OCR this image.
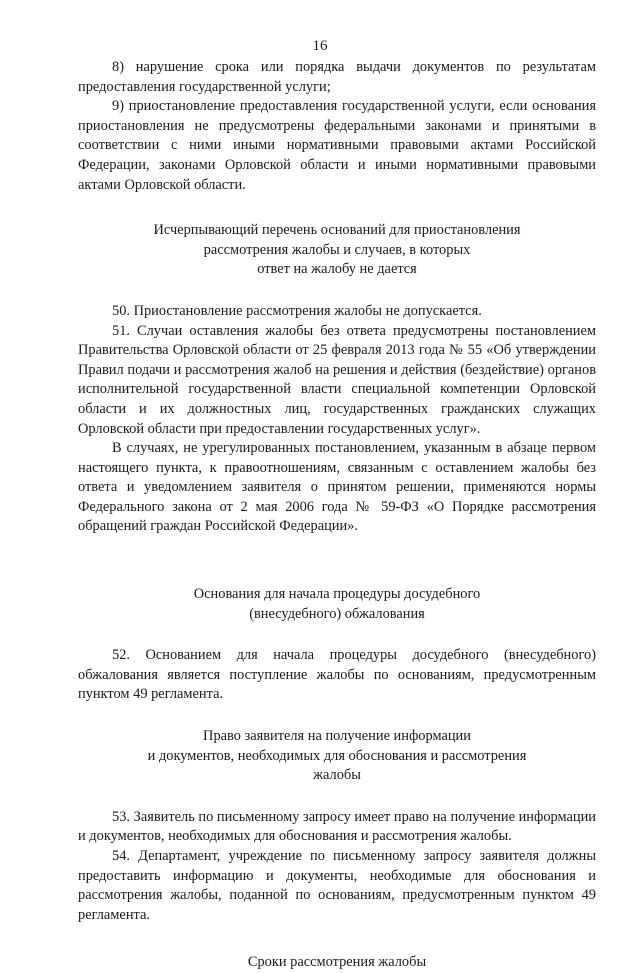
16

8) нарушение срока или порядка выдачи документов по результатам предоставления государственной услуги;

9) приостановление предоставления государственной услуги, если основания приостановления не предусмотрены федеральными законами и принятыми в соответствии с ними иными нормативными правовыми актами Российской Федерации, законами Орловской области и иными нормативными правовыми актами Орловской области.

Исчерпывающий перечень оснований для приостановления
рассмотрения жалобы и случаев, в которых
ответ на жалобу не дается

50. Приостановление рассмотрения жалобы не допускается.

51. Случаи оставления жалобы без ответа предусмотрены постановлением Правительства Орловской области от 25 февраля 2013 года № 55 «Об утверждении Правил подачи и рассмотрения жалоб на решения и действия (бездействие) органов исполнительной государственной власти специальной компетенции Орловской области и их должностных лиц, государственных гражданских служащих Орловской области при предоставлении государственных услуг».

В случаях, не урегулированных постановлением, указанным в абзаце первом настоящего пункта, к правоотношениям, связанным с оставлением жалобы без ответа и уведомлением заявителя о принятом решении, применяются нормы Федерального закона от 2 мая 2006 года № 59-ФЗ «О Порядке рассмотрения обращений граждан Российской Федерации».

Основания для начала процедуры досудебного
(внесудебного) обжалования

52. Основанием для начала процедуры досудебного (внесудебного) обжалования является поступление жалобы по основаниям, предусмотренным пунктом 49 регламента.

Право заявителя на получение информации
и документов, необходимых для обоснования и рассмотрения
жалобы

53. Заявитель по письменному запросу имеет право на получение информации и документов, необходимых для обоснования и рассмотрения жалобы.

54. Департамент, учреждение по письменному запросу заявителя должны предоставить информацию и документы, необходимые для обоснования и рассмотрения жалобы, поданной по основаниям, предусмотренным пунктом 49 регламента.

Сроки рассмотрения жалобы
